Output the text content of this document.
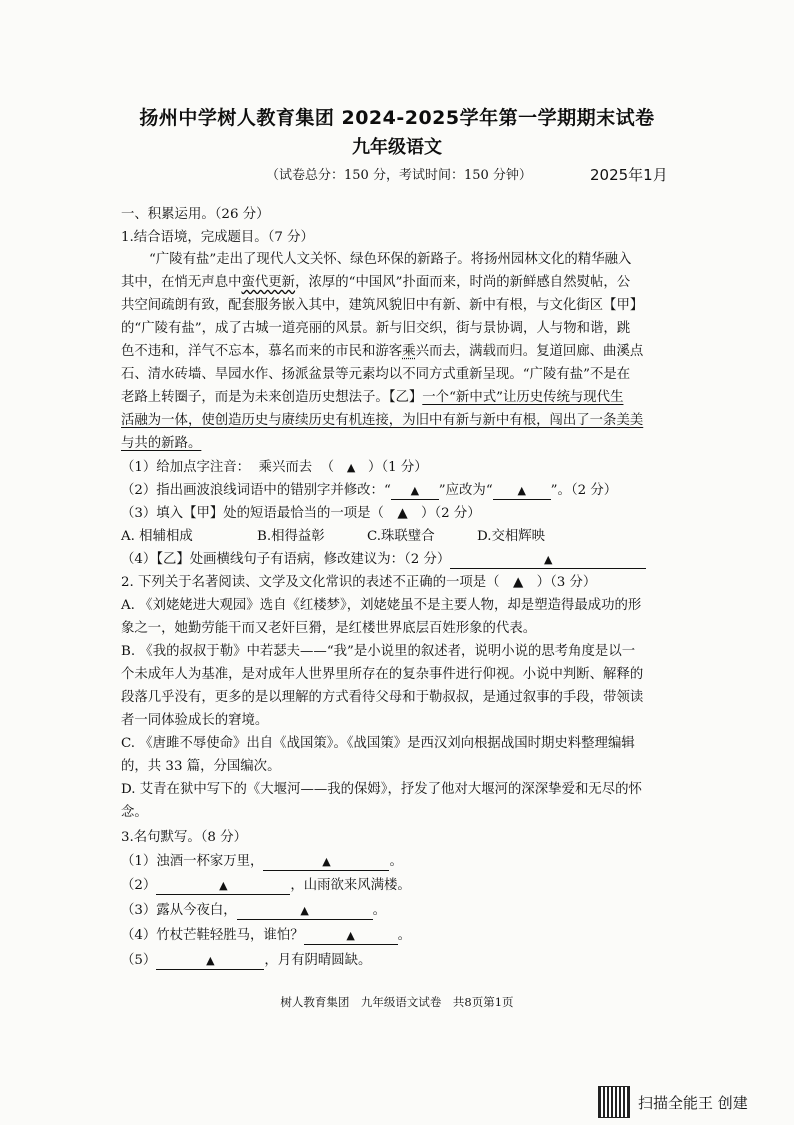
扬州中学树人教育集团 2024-2025学年第一学期期末试卷
九年级语文
（试卷总分：150 分，考试时间：150 分钟）	2025年1月
一、积累运用。（26 分）
1.结合语境，完成题目。（7 分）
“广陵有盐”走出了现代人文关怀、绿色环保的新路子。将扬州园林文化的精华融入
其中，在悄无声息中蛮代更新，浓厚的“中国风”扑面而来，时尚的新鲜感自然熨帖，公
共空间疏朗有致，配套服务嵌入其中，建筑风貌旧中有新、新中有根，与文化街区【甲】
的“广陵有盐”，成了古城一道亮丽的风景。新与旧交织，街与景协调，人与物和谐，跳
色不违和，洋气不忘本，慕名而来的市民和游客乘兴而去，满载而归。复道回廊、曲溪点
石、清水砖墙、旱园水作、扬派盆景等元素均以不同方式重新呈现。“广陵有盐”不是在
老路上转圈子，而是为未来创造历史想法子。【乙】一个“新中式”让历史传统与现代生
活融为一体，使创造历史与赓续历史有机连接，为旧中有新与新中有根，闯出了一条美美
与共的新路。
（1）给加点字注音： 乘兴而去  （   ▲   ）（1 分）
（2）指出画波浪线词语中的错别字并修改：“ ▲ ”应改为“ ▲ ”。（2 分）
（3）填入【甲】处的短语最恰当的一项是（　▲　）（2 分）
A. 相辅相成	B.相得益彰	C.珠联璧合	D.交相辉映
（4）【乙】处画横线句子有语病，修改建议为：（2 分）	▲
2. 下列关于名著阅读、文学及文化常识的表述不正确的一项是（　▲　）（3 分）
A. 《刘姥姥进大观园》选自《红楼梦》，刘姥姥虽不是主要人物，却是塑造得最成功的形
象之一，她勤劳能干而又老奸巨猾，是红楼世界底层百姓形象的代表。
B. 《我的叔叔于勒》中若瑟夫——“我”是小说里的叙述者，说明小说的思考角度是以一
个未成年人为基准，是对成年人世界里所存在的复杂事件进行仰视。小说中判断、解释的
段落几乎没有，更多的是以理解的方式看待父母和于勒叔叔，是通过叙事的手段，带领读
者一同体验成长的窘境。
C. 《唐雎不辱使命》出自《战国策》。《战国策》是西汉刘向根据战国时期史料整理编辑
的，共 33 篇，分国编次。
D. 艾青在狱中写下的《大堰河——我的保姆》，抒发了他对大堰河的深深挚爱和无尽的怀
念。
3.名句默写。（8 分）
（1）浊酒一杯家万里，	▲	。
（2）	▲	，山雨欲来风满楼。
（3）露从今夜白，	▲	。
（4）竹杖芒鞋轻胜马，谁怕？	▲	。
（5）	▲	，月有阴晴圆缺。
树人教育集团　九年级语文试卷　共8页第1页
扫描全能王 创建
